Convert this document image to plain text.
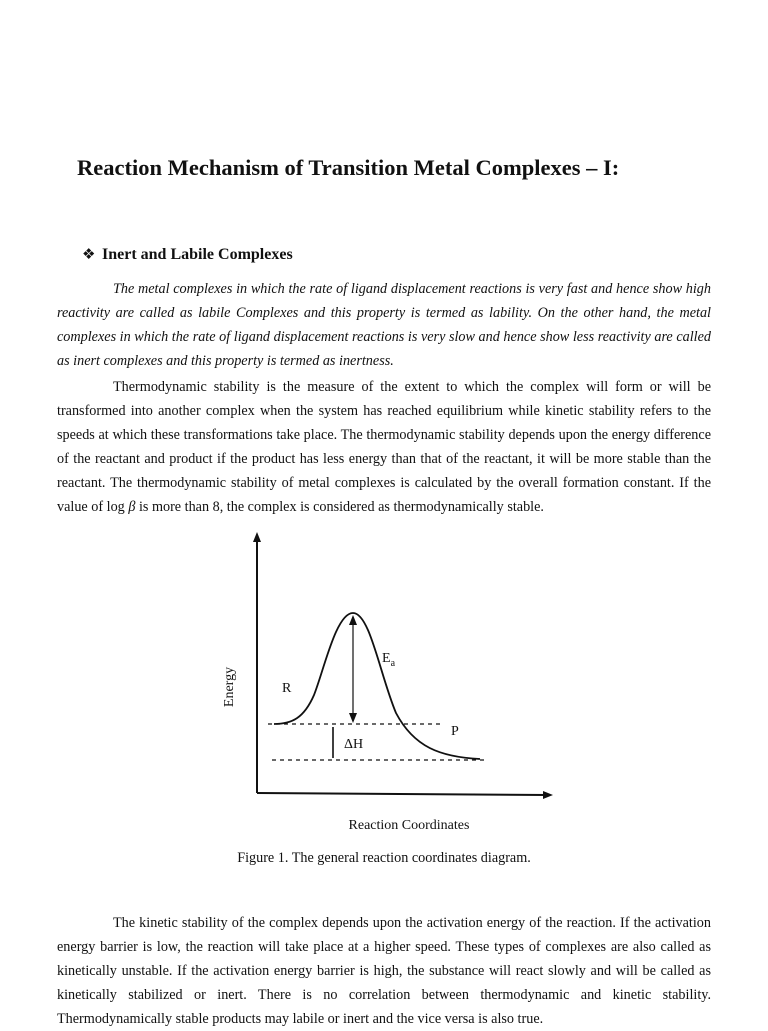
Reaction Mechanism of Transition Metal Complexes – I:
❖ Inert and Labile Complexes

The metal complexes in which the rate of ligand displacement reactions is very fast and hence show high reactivity are called as labile Complexes and this property is termed as lability. On the other hand, the metal complexes in which the rate of ligand displacement reactions is very slow and hence show less reactivity are called as inert complexes and this property is termed as inertness.

Thermodynamic stability is the measure of the extent to which the complex will form or will be transformed into another complex when the system has reached equilibrium while kinetic stability refers to the speeds at which these transformations take place. The thermodynamic stability depends upon the energy difference of the reactant and product if the product has less energy than that of the reactant, it will be more stable than the reactant. The thermodynamic stability of metal complexes is calculated by the overall formation constant. If the value of log β is more than 8, the complex is considered as thermodynamically stable.

Energy	R
P
$E_a$
ΔH
Reaction Coordinates

Figure 1. The general reaction coordinates diagram.

The kinetic stability of the complex depends upon the activation energy of the reaction. If the activation energy barrier is low, the reaction will take place at a higher speed. These types of complexes are also called as kinetically unstable. If the activation energy barrier is high, the substance will react slowly and will be called as kinetically stabilized or inert. There is no correlation between thermodynamic and kinetic stability. Thermodynamically stable products may labile or inert and the vice versa is also true.
